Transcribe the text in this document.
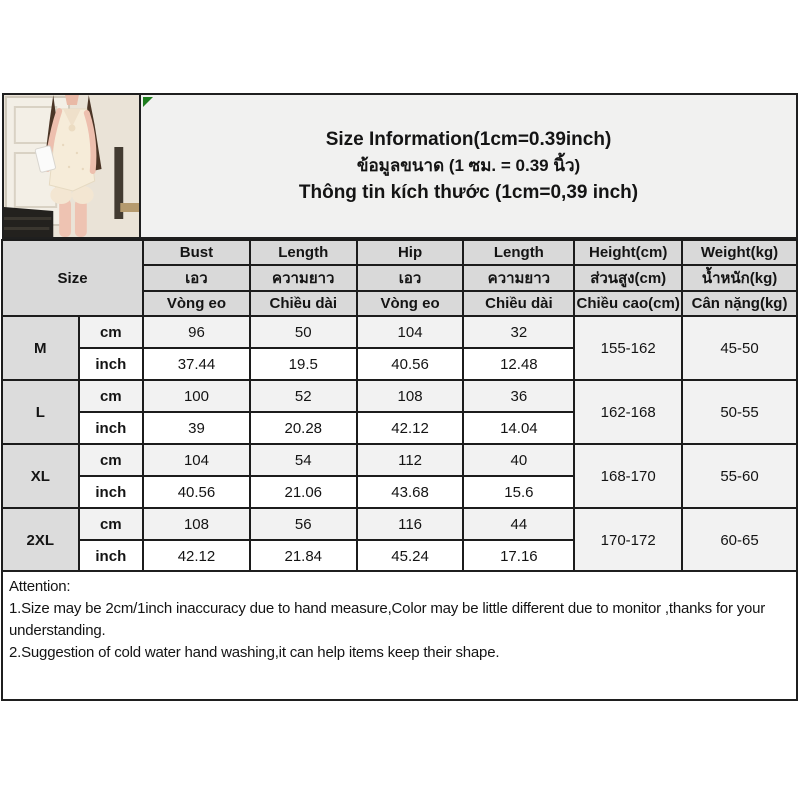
Size Information(1cm=0.39inch)
ข้อมูลขนาด (1 ซม. = 0.39 นิ้ว)
Thông tin kích thước (1cm=0,39 inch)
Size		Bust	Length	Hip	Length	Height(cm)	Weight(kg)
		เอว	ความยาว	เอว	ความยาว	ส่วนสูง(cm)	น้ำหนัก(kg)
		Vòng eo	Chiều dài	Vòng eo	Chiều dài	Chiều cao(cm)	Cân nặng(kg)
M	cm	96	50	104	32	155-162	45-50
	inch	37.44	19.5	40.56	12.48		
L	cm	100	52	108	36	162-168	50-55
	inch	39	20.28	42.12	14.04		
XL	cm	104	54	112	40	168-170	55-60
	inch	40.56	21.06	43.68	15.6		
2XL	cm	108	56	116	44	170-172	60-65
	inch	42.12	21.84	45.24	17.16		
Attention:
1.Size may be 2cm/1inch inaccuracy due to hand measure,Color may be little different due to monitor ,thanks for your understanding.
2.Suggestion of cold water hand washing,it can help items keep their shape.
